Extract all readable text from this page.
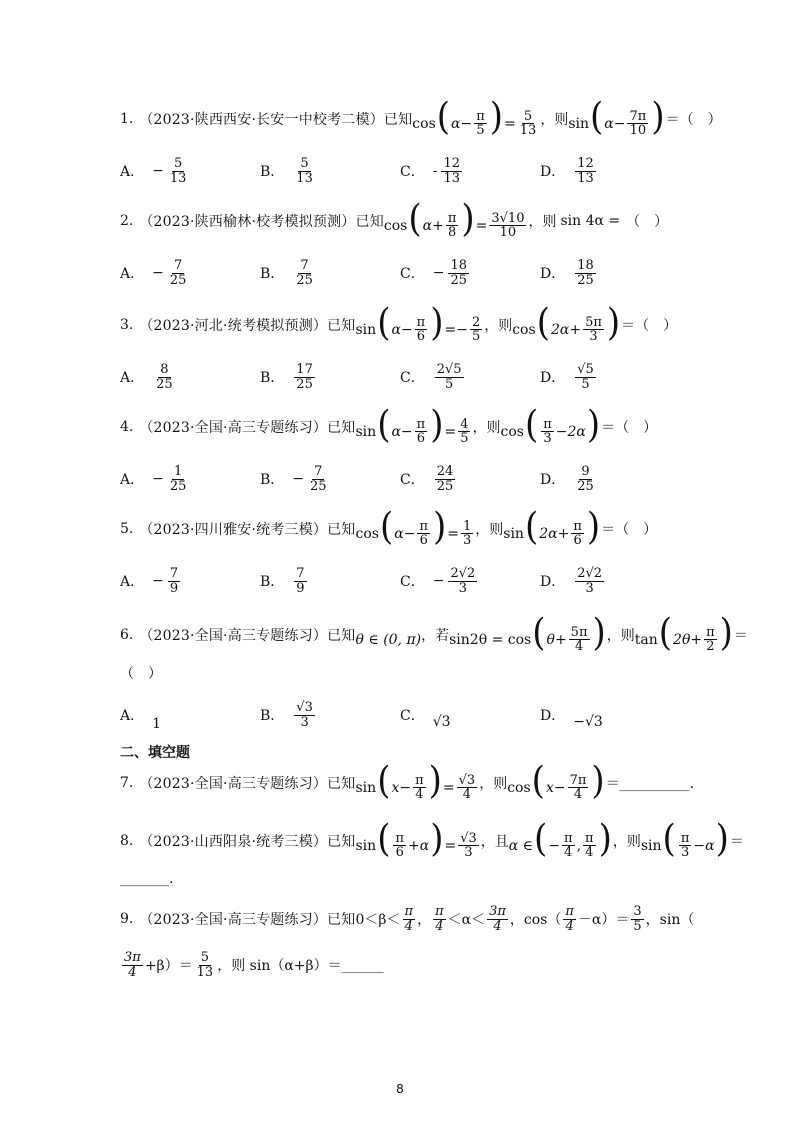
1. （2023·陕西西安·长安一中校考二模）已知 $\cos(\alpha- \frac{\pi}{5}$ )= $\frac{5}{13}$ ，则 $\sin(\alpha- \frac{7\pi}{10}$ ) ＝（　）
A． − $\frac{5}{13}$	B． $\frac{5}{13}$	C． - $\frac{12}{13}$	D． $\frac{12}{13}$
2. （2023·陕西榆林·校考模拟预测）已知 $\cos(\alpha+ \frac{\pi}{8}$ )= $\frac{3√10}{10}$ ，则 sin 4α = （　）
A． − $\frac{7}{25}$	B． $\frac{7}{25}$	C． − $\frac{18}{25}$	D． $\frac{18}{25}$
3. （2023·河北·统考模拟预测）已知 $\sin(\alpha- \frac{\pi}{6}$ )=− $\frac{2}{5}$ ，则 $\cos(2\alpha+ \frac{5\pi}{3}$ ) ＝（　）
A． $\frac{8}{25}$	B． $\frac{17}{25}$	C． $\frac{2√5}{5}$	D． $\frac{√5}{5}$
4. （2023·全国·高三专题练习）已知 $\sin(\alpha- \frac{\pi}{6}$ )= $\frac{4}{5}$ ，则 $\cos( \frac{\pi}{3} -2\alpha)$ ＝（　）
A． − $\frac{1}{25}$	B． − $\frac{7}{25}$	C． $\frac{24}{25}$	D． $\frac{9}{25}$
5. （2023·四川雅安·统考三模）已知 $\cos(\alpha- \frac{\pi}{6}$ )= $\frac{1}{3}$ ，则 $\sin(2\alpha+ \frac{\pi}{6}$ ) ＝（　）
A． − $\frac{7}{9}$	B． $\frac{7}{9}$	C． − $\frac{2√2}{3}$	D． $\frac{2√2}{3}$
6. （2023·全国·高三专题练习）已知 θ ∈ (0, π) ，若 $\sin 2\theta = \cos(\theta+ \frac{5\pi}{4}$ ) ，则 $\tan(2\theta+ \frac{\pi}{2}$ ) ＝
（　）
A． 1	B． $\frac{√3}{3}$	C． √3	D． −√3
二、填空题
7. （2023·全国·高三专题练习）已知 $\sin(x- \frac{\pi}{4}$ )= $\frac{√3}{4}$ ，则 $\cos(x- \frac{7\pi}{4}$ ) ＝__________.
8. （2023·山西阳泉·统考三模）已知 $\sin( \frac{\pi}{6} +\alpha)= \frac{√3}{3}$ ，且 α ∈(− $\frac{\pi}{4}$ , $\frac{\pi}{4}$ ) ，则 $\sin( \frac{\pi}{3} -\alpha)$ ＝
_______.
9. （2023·全国·高三专题练习）已知 $0<\beta< \frac{\pi}{4}$ ， $\frac{\pi}{4} <\alpha< \frac{3\pi}{4}$ ，$\cos( \frac{\pi}{4} -\alpha)= \frac{3}{5}$ ，sin（
$\frac{3\pi}{4} +\beta)= \frac{5}{13}$ ，则 sin（α+β）＝______
8
